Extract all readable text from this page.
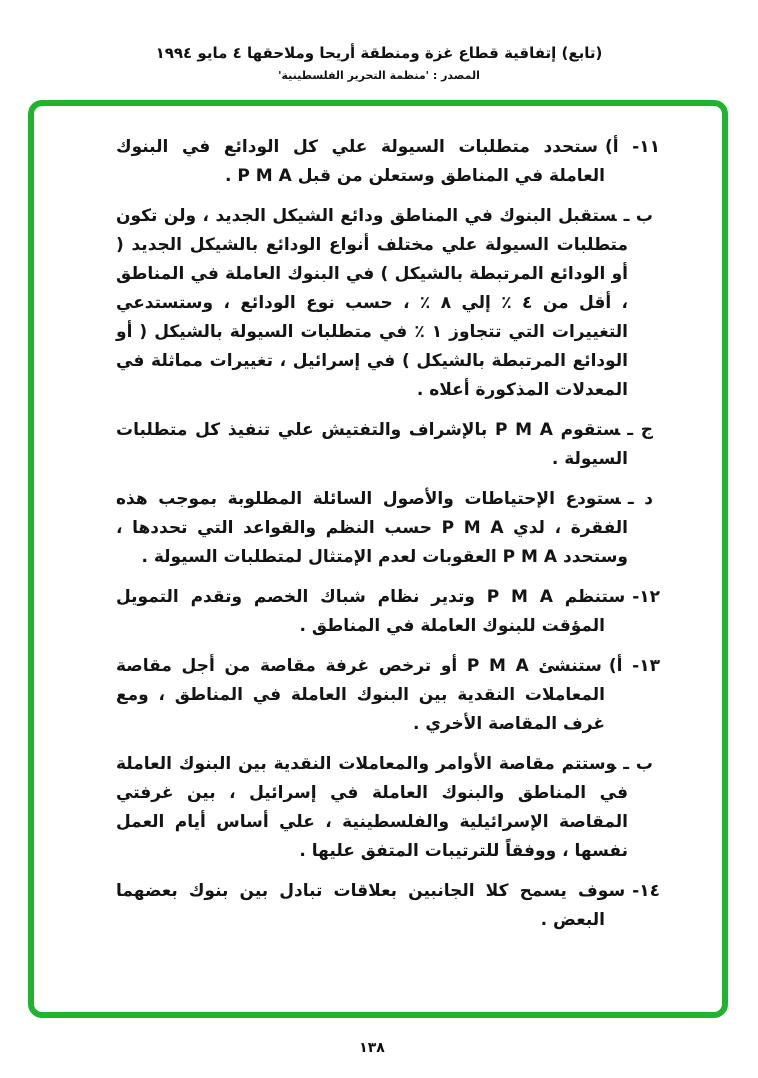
(تابع) إتفاقية قطاع غزة ومنطقة أريحا وملاحقها ٤ مايو ١٩٩٤
المصدر : 'منظمة التحرير الفلسطينية'

١١- أ)ستحدد متطلبات السيولة علي كل الودائع في البنوك العاملة في المناطق وستعلن من قبل P M A .

ب ـستقبل البنوك في المناطق ودائع الشيكل الجديد ، ولن تكون متطلبات السيولة علي مختلف أنواع الودائع بالشيكل الجديد ( أو الودائع المرتبطة بالشيكل ) في البنوك العاملة في المناطق ، أقل من ٤ ٪ إلي ٨ ٪ ، حسب نوع الودائع ، وستستدعي التغييرات التي تتجاوز ١ ٪ في متطلبات السيولة بالشيكل ( أو الودائع المرتبطة بالشيكل ) في إسرائيل ، تغييرات مماثلة في المعدلات المذكورة أعلاه .

ج ـستقوم P M A بالإشراف والتفتيش علي تنفيذ كل متطلبات السيولة .

د ـستودع الإحتياطات والأصول السائلة المطلوبة بموجب هذه الفقرة ، لدي P M A حسب النظم والقواعد التي تحددها ، وستحدد P M A العقوبات لعدم الإمتثال لمتطلبات السيولة .

١٢-ستنظم P M A وتدير نظام شباك الخصم وتقدم التمويل المؤقت للبنوك العاملة في المناطق .

١٣- أ)ستنشئ P M A أو ترخص غرفة مقاصة من أجل مقاصة المعاملات النقدية بين البنوك العاملة في المناطق ، ومع غرف المقاصة الأخري .

ب ـوستتم مقاصة الأوامر والمعاملات النقدية بين البنوك العاملة في المناطق والبنوك العاملة في إسرائيل ، بين غرفتي المقاصة الإسرائيلية والفلسطينية ، علي أساس أيام العمل نفسها ، ووفقاً للترتيبات المتفق عليها .

١٤-سوف يسمح كلا الجانبين بعلاقات تبادل بين بنوك بعضهما البعض .

١٣٨
